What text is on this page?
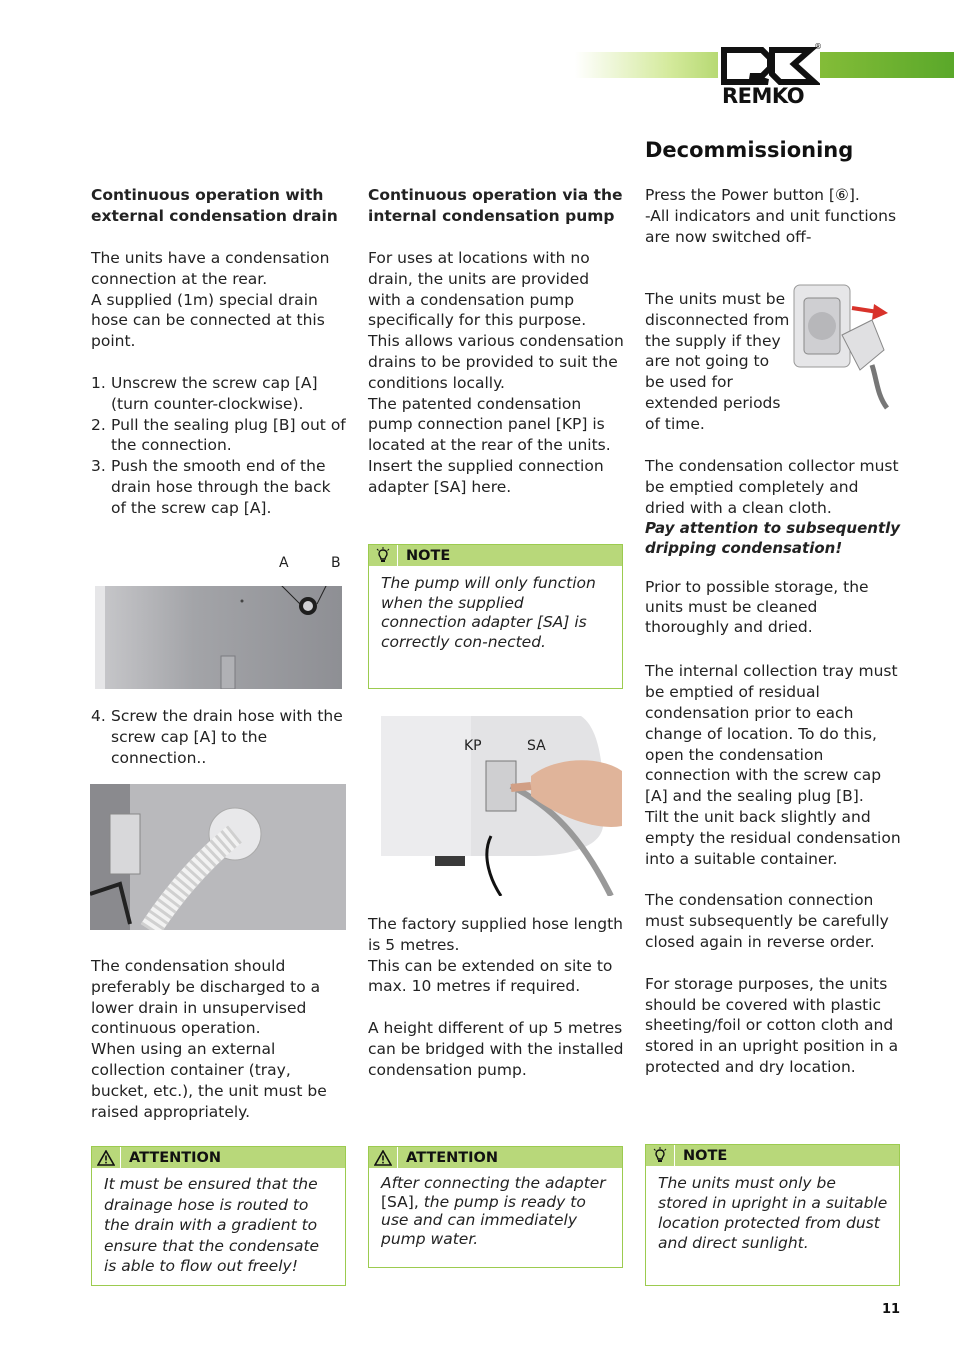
®
REMKO
Decommissioning

Continuous operation with external condensation drain

The units have a condensation connection at the rear.

A supplied (1m) special drain hose can be connected at this point.

1. Unscrew the screw cap [A] (turn counter-clockwise).
2. Pull the sealing plug [B] out of the connection.
3. Push the smooth end of the drain hose through the back of the screw cap [A].
A	B
4. Screw the drain hose with the screw cap [A] to the connection..

The condensation should preferably be discharged to a lower drain in unsupervised continuous operation.

When using an external collection container (tray, bucket, etc.), the unit must be raised appropriately.

ATTENTION
It must be ensured that the drainage hose is routed to the drain with a gradient to ensure that the condensate is able to flow out freely!

Continuous operation via the internal condensation pump

For uses at locations with no drain, the units are provided with a condensation pump specifically for this purpose.

This allows various condensation drains to be provided to suit the conditions locally.

The patented condensation pump connection panel [KP] is located at the rear of the units.

Insert the supplied connection adapter [SA] here.

NOTE
The pump will only function when the supplied connection adapter [SA] is correctly con-nected.
KP	SA

The factory supplied hose length is 5 metres.

This can be extended on site to max. 10 metres if required.

A height different of up 5 metres can be bridged with the installed condensation pump.

ATTENTION
After connecting the adapter [SA], the pump is ready to use and can immediately pump water.

Press the Power button [⑥].

-All indicators and unit functions are now switched off-

The units must be disconnected from the supply if they are not going to be used for extended periods of time.

The condensation collector must be emptied completely and dried with a clean cloth.

Pay attention to subsequently dripping condensation!

Prior to possible storage, the units must be cleaned thoroughly and dried.

The internal collection tray must be emptied of residual condensation prior to each change of location. To do this, open the condensation connection with the screw cap [A] and the sealing plug [B].

Tilt the unit back slightly and empty the residual condensation into a suitable container.

The condensation connection must subsequently be carefully closed again in reverse order.

For storage purposes, the units should be covered with plastic sheeting/foil or cotton cloth and stored in an upright position in a protected and dry location.

NOTE
The units must only be stored in upright in a suitable location protected from dust and direct sunlight.
11
